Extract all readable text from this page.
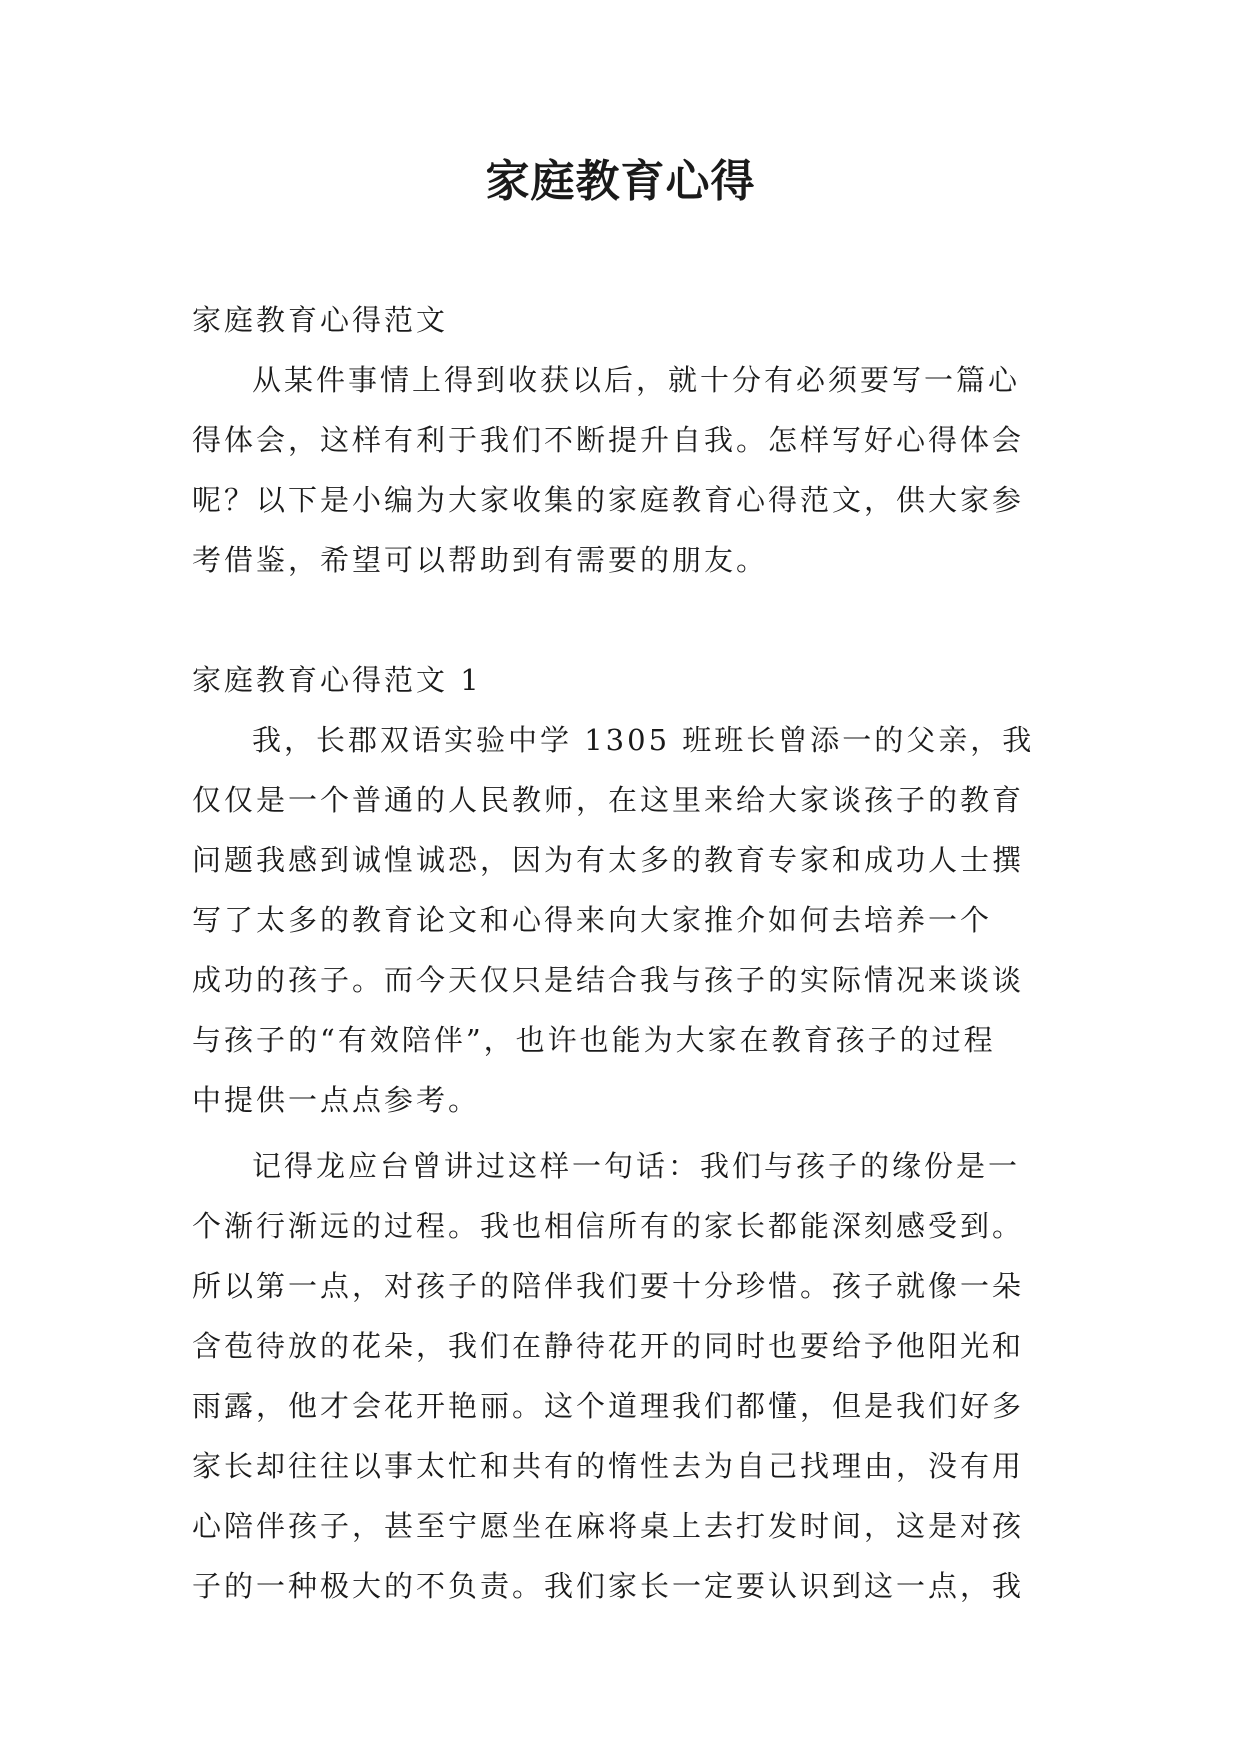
家庭教育心得
家庭教育心得范文
从某件事情上得到收获以后，就十分有必须要写一篇心
得体会，这样有利于我们不断提升自我。怎样写好心得体会
呢？以下是小编为大家收集的家庭教育心得范文，供大家参
考借鉴，希望可以帮助到有需要的朋友。
家庭教育心得范文 1
我，长郡双语实验中学 1305 班班长曾添一的父亲，我
仅仅是一个普通的人民教师，在这里来给大家谈孩子的教育
问题我感到诚惶诚恐，因为有太多的教育专家和成功人士撰
写了太多的教育论文和心得来向大家推介如何去培养一个
成功的孩子。而今天仅只是结合我与孩子的实际情况来谈谈
与孩子的“有效陪伴”，也许也能为大家在教育孩子的过程
中提供一点点参考。
记得龙应台曾讲过这样一句话：我们与孩子的缘份是一
个渐行渐远的过程。我也相信所有的家长都能深刻感受到。
所以第一点，对孩子的陪伴我们要十分珍惜。孩子就像一朵
含苞待放的花朵，我们在静待花开的同时也要给予他阳光和
雨露，他才会花开艳丽。这个道理我们都懂，但是我们好多
家长却往往以事太忙和共有的惰性去为自己找理由，没有用
心陪伴孩子，甚至宁愿坐在麻将桌上去打发时间，这是对孩
子的一种极大的不负责。我们家长一定要认识到这一点，我
